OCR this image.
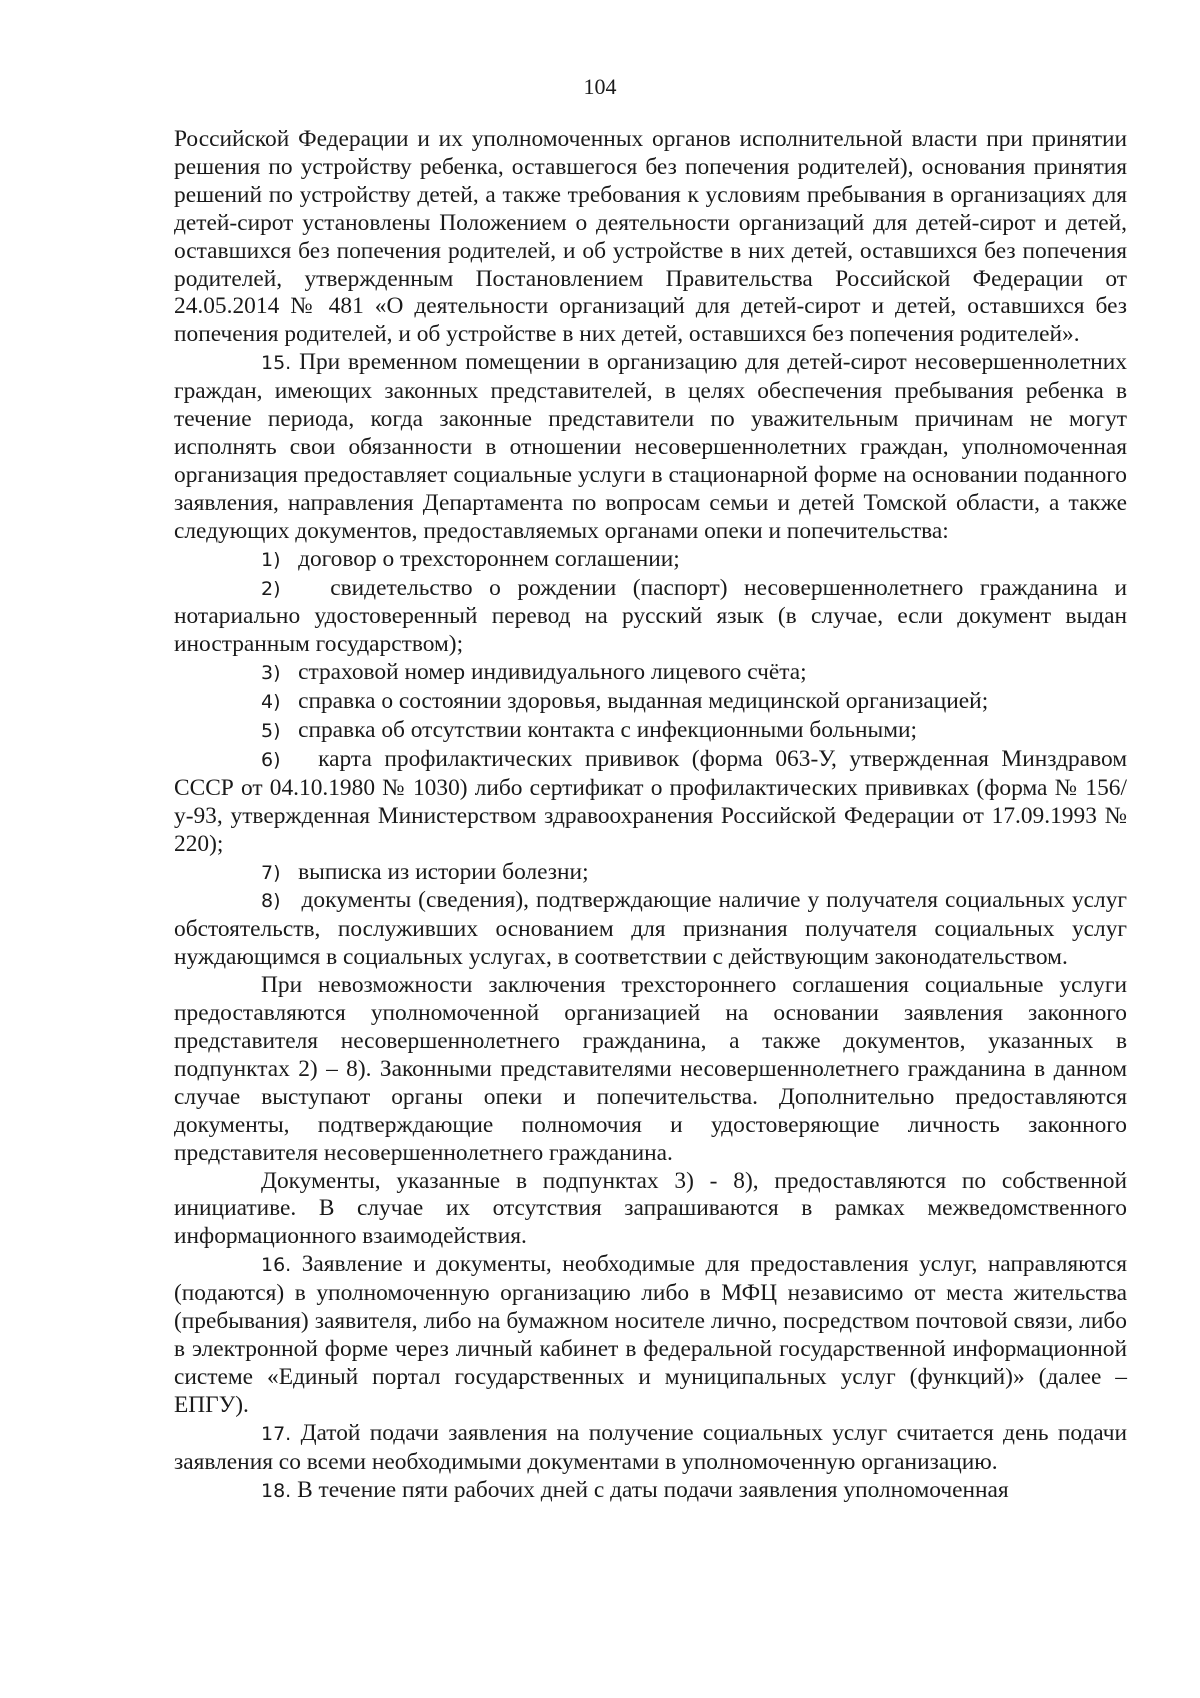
104

Российской Федерации и их уполномоченных органов исполнительной власти при принятии решения по устройству ребенка, оставшегося без попечения родителей), основания принятия решений по устройству детей, а также требования к условиям пребывания в организациях для детей-сирот установлены Положением о деятельности организаций для детей-сирот и детей, оставшихся без попечения родителей, и об устройстве в них детей, оставшихся без попечения родителей, утвержденным Постановлением Правительства Российской Федерации от 24.05.2014 № 481 «О деятельности организаций для детей-сирот и детей, оставшихся без попечения родителей, и об устройстве в них детей, оставшихся без попечения родителей».

15. При временном помещении в организацию для детей-сирот несовершеннолетних граждан, имеющих законных представителей, в целях обеспечения пребывания ребенка в течение периода, когда законные представители по уважительным причинам не могут исполнять свои обязанности в отношении несовершеннолетних граждан, уполномоченная организация предоставляет социальные услуги в стационарной форме на основании поданного заявления, направления Департамента по вопросам семьи и детей Томской области, а также следующих документов, предоставляемых органами опеки и попечительства:

1) договор о трехстороннем соглашении;

2) свидетельство о рождении (паспорт) несовершеннолетнего гражданина и нотариально удостоверенный перевод на русский язык (в случае, если документ выдан иностранным государством);

3) страховой номер индивидуального лицевого счёта;

4) справка о состоянии здоровья, выданная медицинской организацией;

5) справка об отсутствии контакта с инфекционными больными;

6) карта профилактических прививок (форма 063-У, утвержденная Минздравом СССР от 04.10.1980 № 1030) либо сертификат о профилактических прививках (форма № 156/у-93, утвержденная Министерством здравоохранения Российской Федерации от 17.09.1993 № 220);

7) выписка из истории болезни;

8) документы (сведения), подтверждающие наличие у получателя социальных услуг обстоятельств, послуживших основанием для признания получателя социальных услуг нуждающимся в социальных услугах, в соответствии с действующим законодательством.

При невозможности заключения трехстороннего соглашения социальные услуги предоставляются уполномоченной организацией на основании заявления законного представителя несовершеннолетнего гражданина, а также документов, указанных в подпунктах 2) – 8). Законными представителями несовершеннолетнего гражданина в данном случае выступают органы опеки и попечительства. Дополнительно предоставляются документы, подтверждающие полномочия и удостоверяющие личность законного представителя несовершеннолетнего гражданина.

Документы, указанные в подпунктах 3) - 8), предоставляются по собственной инициативе. В случае их отсутствия запрашиваются в рамках межведомственного информационного взаимодействия.

16. Заявление и документы, необходимые для предоставления услуг, направляются (подаются) в уполномоченную организацию либо в МФЦ независимо от места жительства (пребывания) заявителя, либо на бумажном носителе лично, посредством почтовой связи, либо в электронной форме через личный кабинет в федеральной государственной информационной системе «Единый портал государственных и муниципальных услуг (функций)» (далее – ЕПГУ).

17. Датой подачи заявления на получение социальных услуг считается день подачи заявления со всеми необходимыми документами в уполномоченную организацию.

18. В течение пяти рабочих дней с даты подачи заявления уполномоченная
